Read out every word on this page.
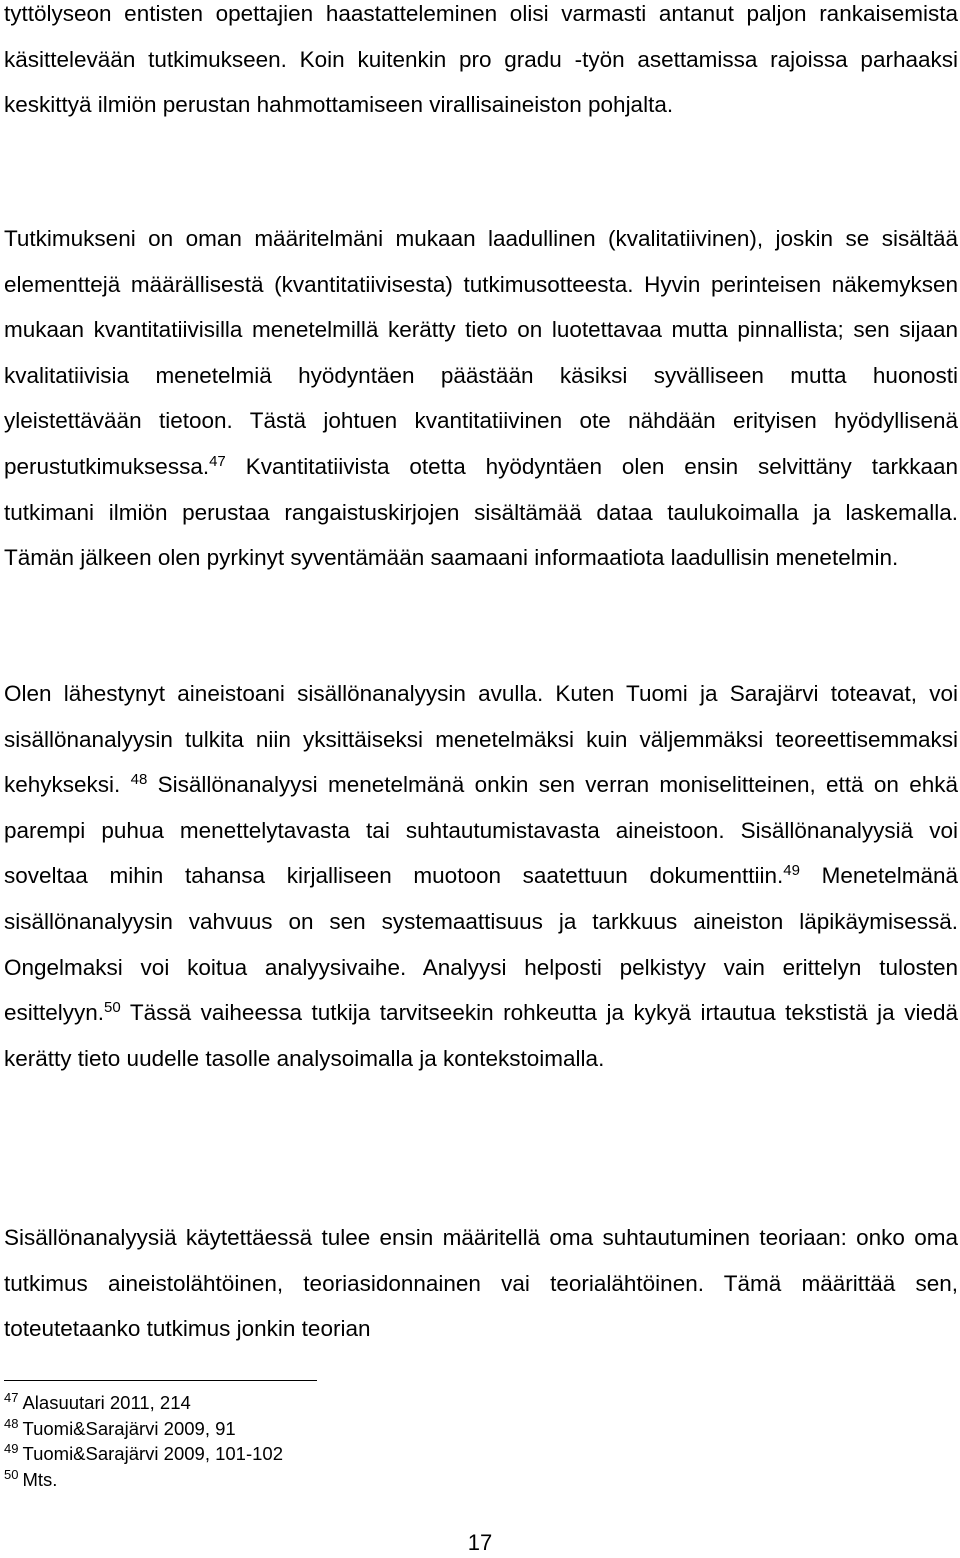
tyttölyseon entisten opettajien haastatteleminen olisi varmasti antanut paljon rankaisemista käsittelevään tutkimukseen. Koin kuitenkin pro gradu -työn asettamissa rajoissa parhaaksi keskittyä ilmiön perustan hahmottamiseen virallisaineiston pohjalta.

Tutkimukseni on oman määritelmäni mukaan laadullinen (kvalitatiivinen), joskin se sisältää elementtejä määrällisestä (kvantitatiivisesta) tutkimusotteesta. Hyvin perinteisen näkemyksen mukaan kvantitatiivisilla menetelmillä kerätty tieto on luotettavaa mutta pinnallista; sen sijaan kvalitatiivisia menetelmiä hyödyntäen päästään käsiksi syvälliseen mutta huonosti yleistettävään tietoon. Tästä johtuen kvantitatiivinen ote nähdään erityisen hyödyllisenä perustutkimuksessa.$^{47}$ Kvantitatiivista otetta hyödyntäen olen ensin selvittäny tarkkaan tutkimani ilmiön perustaa rangaistuskirjojen sisältämää dataa taulukoimalla ja laskemalla. Tämän jälkeen olen pyrkinyt syventämään saamaani informaatiota laadullisin menetelmin.

Olen lähestynyt aineistoani sisällönanalyysin avulla. Kuten Tuomi ja Sarajärvi toteavat, voi sisällönanalyysin tulkita niin yksittäiseksi menetelmäksi kuin väljemmäksi teoreettisemmaksi kehykseksi. $^{48}$ Sisällönanalyysi menetelmänä onkin sen verran moniselitteinen, että on ehkä parempi puhua menettelytavasta tai suhtautumistavasta aineistoon. Sisällönanalyysiä voi soveltaa mihin tahansa kirjalliseen muotoon saatettuun dokumenttiin.$^{49}$ Menetelmänä sisällönanalyysin vahvuus on sen systemaattisuus ja tarkkuus aineiston läpikäymisessä. Ongelmaksi voi koitua analyysivaihe. Analyysi helposti pelkistyy vain erittelyn tulosten esittelyyn.$^{50}$ Tässä vaiheessa tutkija tarvitseekin rohkeutta ja kykyä irtautua tekstistä ja viedä kerätty tieto uudelle tasolle analysoimalla ja kontekstoimalla.

Sisällönanalyysiä käytettäessä tulee ensin määritellä oma suhtautuminen teoriaan: onko oma tutkimus aineistolähtöinen, teoriasidonnainen vai teorialähtöinen. Tämä määrittää sen, toteutetaanko tutkimus jonkin teorian

$^{47}$ Alasuutari 2011, 214
$^{48}$ Tuomi&Sarajärvi 2009, 91
$^{49}$ Tuomi&Sarajärvi 2009, 101-102
$^{50}$ Mts.
17
